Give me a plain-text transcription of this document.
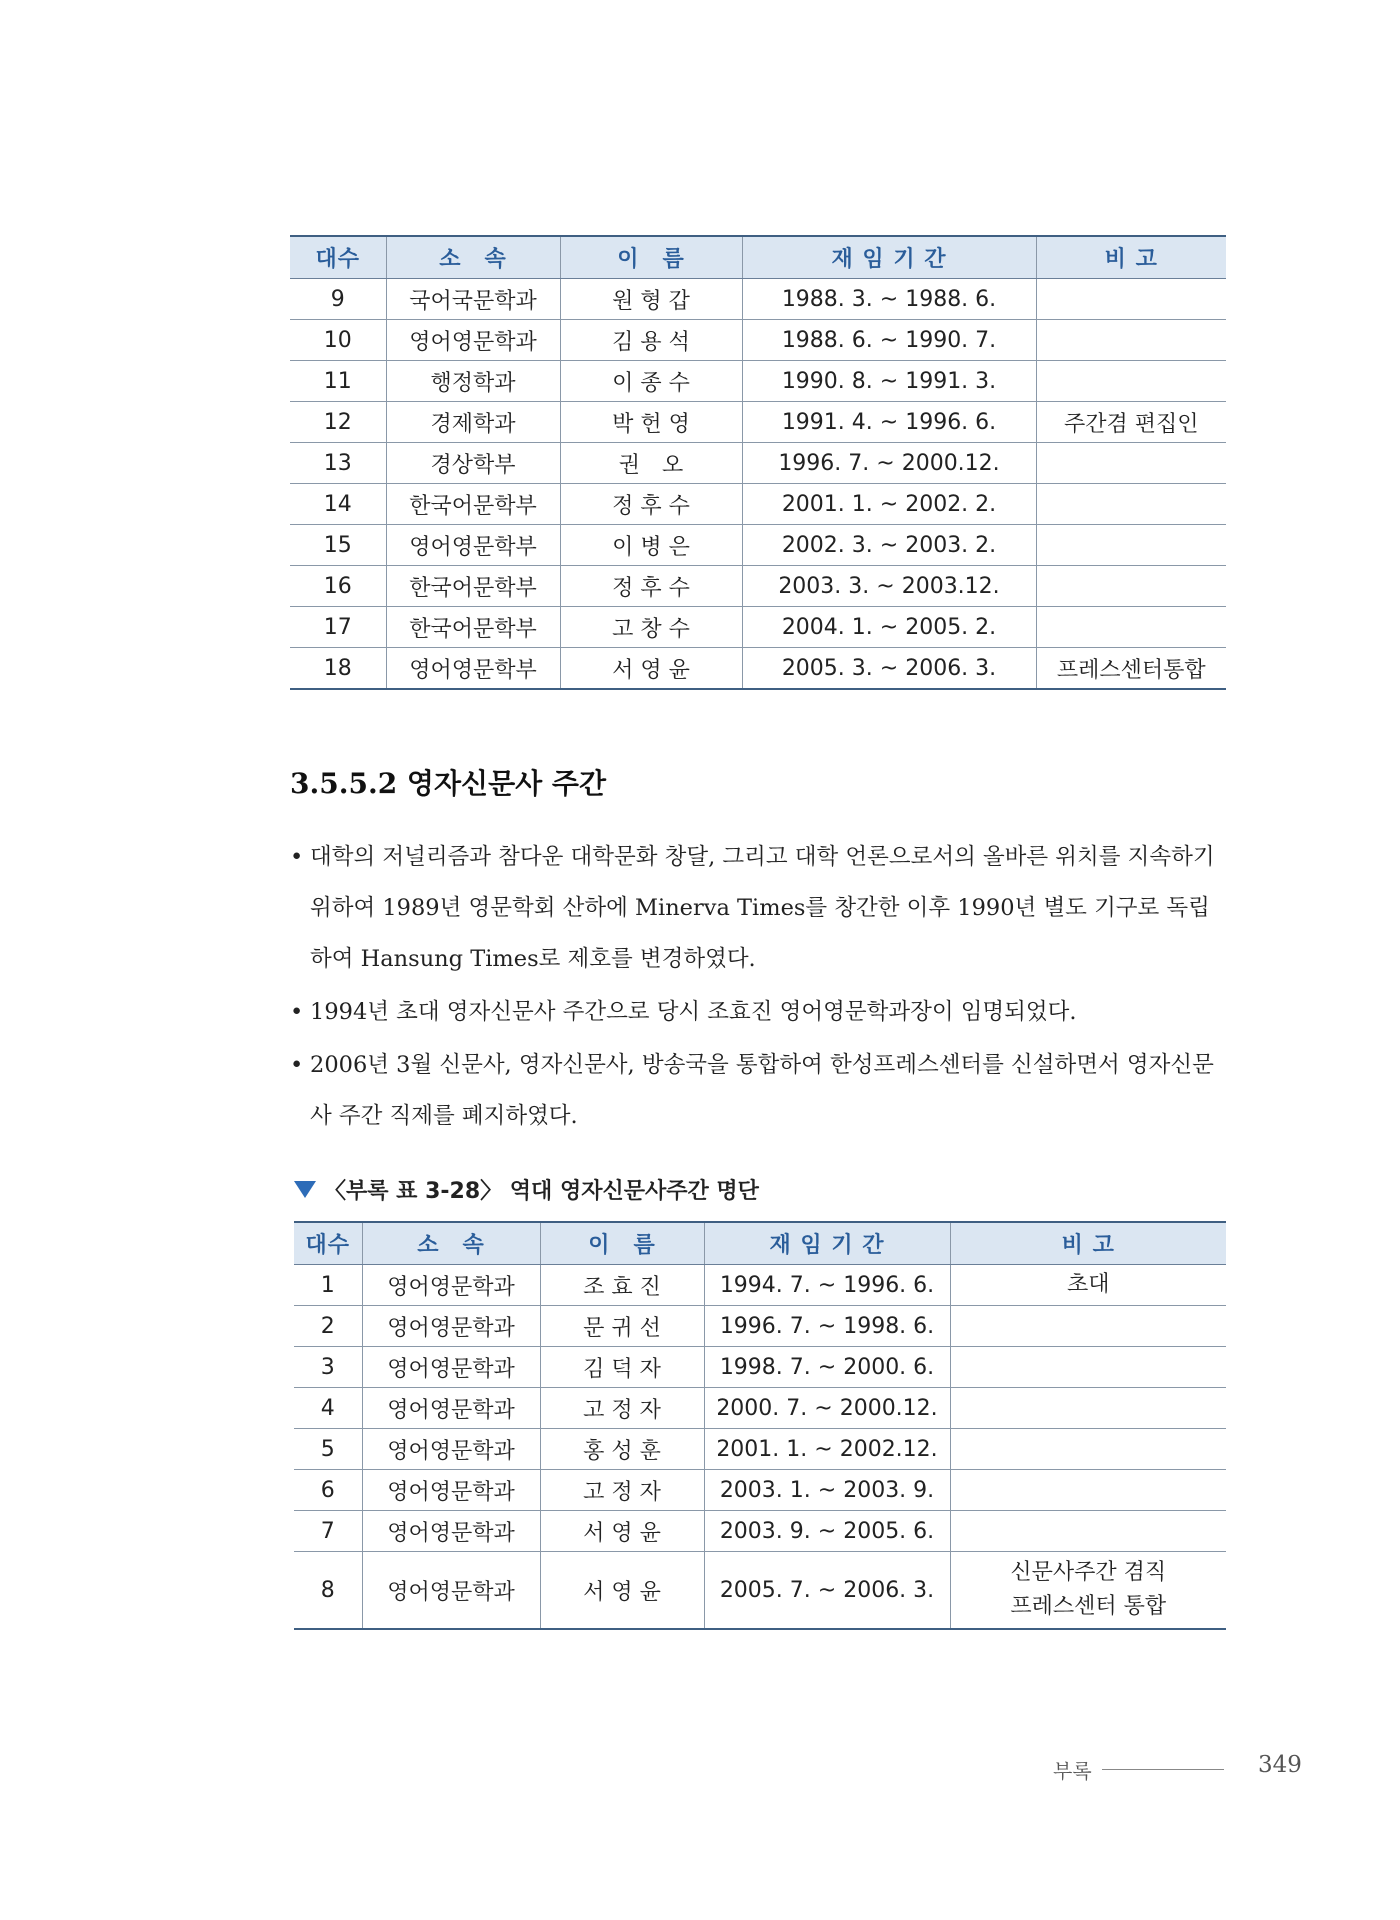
대수	소　속	이　름	재 임 기 간	비 고
9	국어국문학과	원 형 갑	1988. 3. ~ 1988. 6.	
10	영어영문학과	김 용 석	1988. 6. ~ 1990. 7.	
11	행정학과	이 종 수	1990. 8. ~ 1991. 3.	
12	경제학과	박 헌 영	1991. 4. ~ 1996. 6.	주간겸 편집인
13	경상학부	권　오	1996. 7. ~ 2000.12.	
14	한국어문학부	정 후 수	2001. 1. ~ 2002. 2.	
15	영어영문학부	이 병 은	2002. 3. ~ 2003. 2.	
16	한국어문학부	정 후 수	2003. 3. ~ 2003.12.	
17	한국어문학부	고 창 수	2004. 1. ~ 2005. 2.	
18	영어영문학부	서 영 윤	2005. 3. ~ 2006. 3.	프레스센터통합
3.5.5.2 영자신문사 주간
• 대학의 저널리즘과 참다운 대학문화 창달, 그리고 대학 언론으로서의 올바른 위치를 지속하기 위하여 1989년 영문학회 산하에 Minerva Times를 창간한 이후 1990년 별도 기구로 독립하여 Hansung Times로 제호를 변경하였다.
• 1994년 초대 영자신문사 주간으로 당시 조효진 영어영문학과장이 임명되었다.
• 2006년 3월 신문사, 영자신문사, 방송국을 통합하여 한성프레스센터를 신설하면서 영자신문사 주간 직제를 폐지하였다.

〈부록 표 3-28〉 역대 영자신문사주간 명단

대수	소　속	이　름	재 임 기 간	비 고
1	영어영문학과	조 효 진	1994. 7. ~ 1996. 6.	초대

2	영어영문학과	문 귀 선	1996. 7. ~ 1998. 6.	
3	영어영문학과	김 덕 자	1998. 7. ~ 2000. 6.	
4	영어영문학과	고 정 자	2000. 7. ~ 2000.12.	
5	영어영문학과	홍 성 훈	2001. 1. ~ 2002.12.	
6	영어영문학과	고 정 자	2003. 1. ~ 2003. 9.	
7	영어영문학과	서 영 윤	2003. 9. ~ 2005. 6.	
8	영어영문학과	서 영 윤	2005. 7. ~ 2006. 3.	신문사주간 겸직
프레스센터 통합
부록	349
